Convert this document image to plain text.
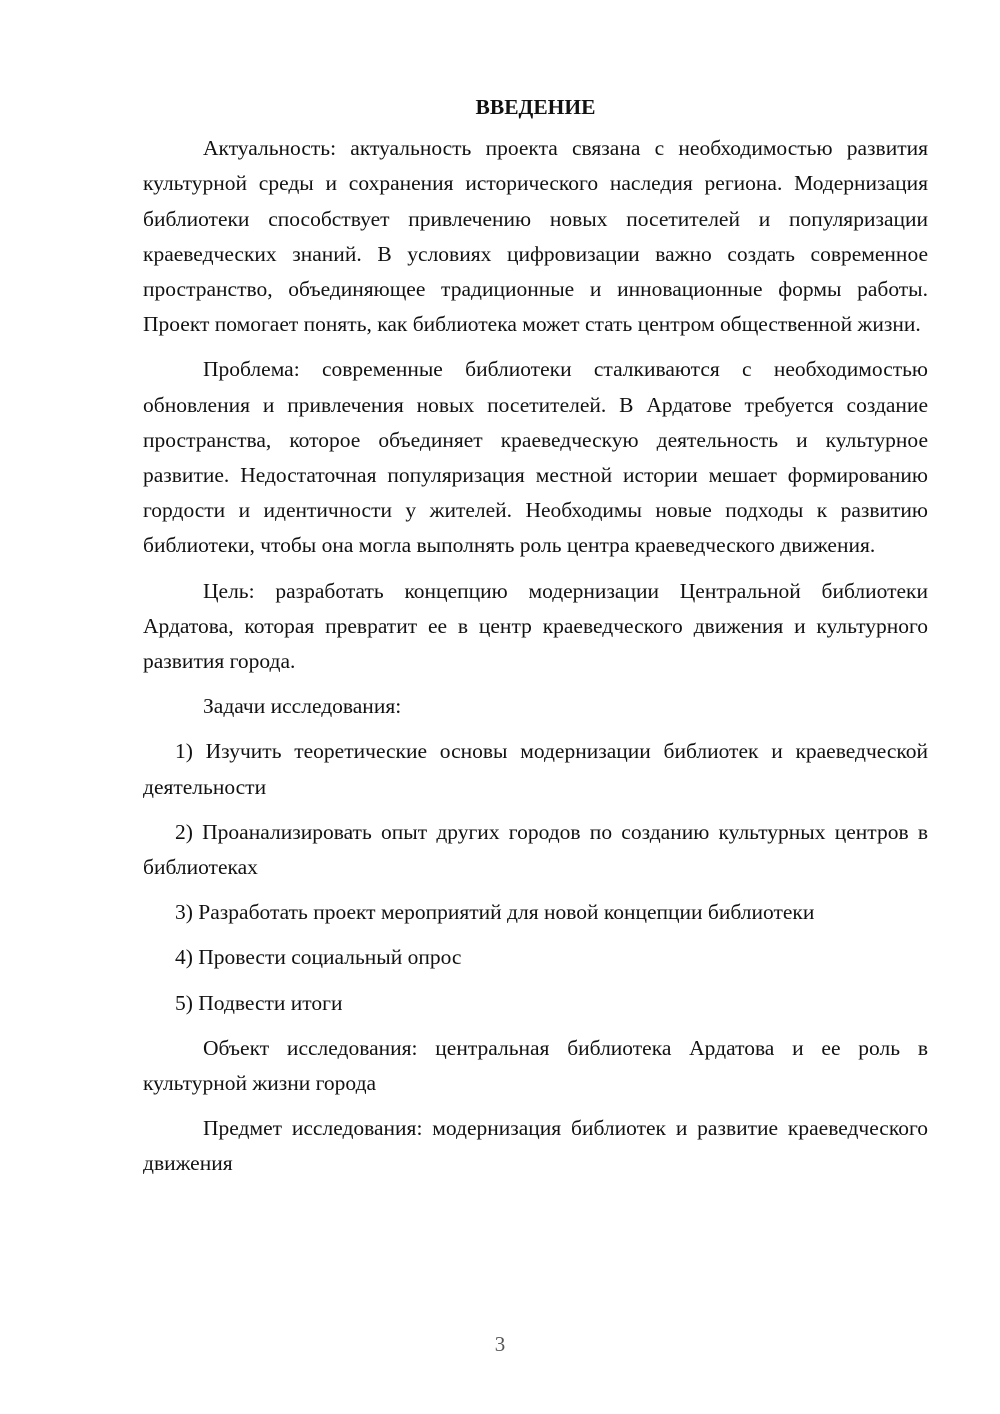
ВВЕДЕНИЕ

Актуальность: актуальность проекта связана с необходимостью развития культурной среды и сохранения исторического наследия региона. Модернизация библиотеки способствует привлечению новых посетителей и популяризации краеведческих знаний. В условиях цифровизации важно создать современное пространство, объединяющее традиционные и инновационные формы работы. Проект помогает понять, как библиотека может стать центром общественной жизни.

Проблема: современные библиотеки сталкиваются с необходимостью обновления и привлечения новых посетителей. В Ардатове требуется создание пространства, которое объединяет краеведческую деятельность и культурное развитие. Недостаточная популяризация местной истории мешает формированию гордости и идентичности у жителей. Необходимы новые подходы к развитию библиотеки, чтобы она могла выполнять роль центра краеведческого движения.

Цель: разработать концепцию модернизации Центральной библиотеки Ардатова, которая превратит ее в центр краеведческого движения и культурного развития города.

Задачи исследования:

1) Изучить теоретические основы модернизации библиотек и краеведческой деятельности

2) Проанализировать опыт других городов по созданию культурных центров в библиотеках

3) Разработать проект мероприятий для новой концепции библиотеки

4) Провести социальный опрос

5) Подвести итоги

Объект исследования: центральная библиотека Ардатова и ее роль в культурной жизни города

Предмет исследования: модернизация библиотек и развитие краеведческого движения

3
